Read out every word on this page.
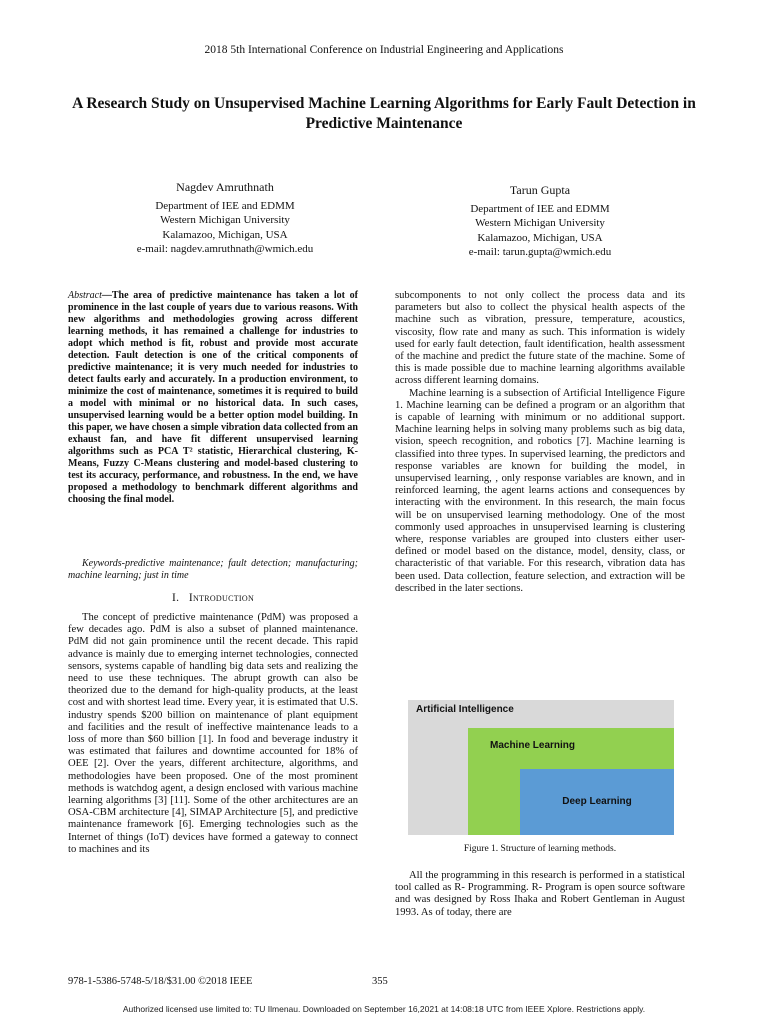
2018 5th International Conference on Industrial Engineering and Applications
A Research Study on Unsupervised Machine Learning Algorithms for Early Fault Detection in Predictive Maintenance
Nagdev Amruthnath
Department of IEE and EDMM
Western Michigan University
Kalamazoo, Michigan, USA
e-mail: nagdev.amruthnath@wmich.edu
Tarun Gupta
Department of IEE and EDMM
Western Michigan University
Kalamazoo, Michigan, USA
e-mail: tarun.gupta@wmich.edu

Abstract—The area of predictive maintenance has taken a lot of prominence in the last couple of years due to various reasons. With new algorithms and methodologies growing across different learning methods, it has remained a challenge for industries to adopt which method is fit, robust and provide most accurate detection. Fault detection is one of the critical components of predictive maintenance; it is very much needed for industries to detect faults early and accurately. In a production environment, to minimize the cost of maintenance, sometimes it is required to build a model with minimal or no historical data. In such cases, unsupervised learning would be a better option model building. In this paper, we have chosen a simple vibration data collected from an exhaust fan, and have fit different unsupervised learning algorithms such as PCA T² statistic, Hierarchical clustering, K-Means, Fuzzy C-Means clustering and model-based clustering to test its accuracy, performance, and robustness. In the end, we have proposed a methodology to benchmark different algorithms and choosing the final model.

Keywords-predictive maintenance; fault detection; manufacturing; machine learning; just in time

I. Introduction

The concept of predictive maintenance (PdM) was proposed a few decades ago. PdM is also a subset of planned maintenance. PdM did not gain prominence until the recent decade. This rapid advance is mainly due to emerging internet technologies, connected sensors, systems capable of handling big data sets and realizing the need to use these techniques. The abrupt growth can also be theorized due to the demand for high-quality products, at the least cost and with shortest lead time. Every year, it is estimated that U.S. industry spends $200 billion on maintenance of plant equipment and facilities and the result of ineffective maintenance leads to a loss of more than $60 billion [1]. In food and beverage industry it was estimated that failures and downtime accounted for 18% of OEE [2]. Over the years, different architecture, algorithms, and methodologies have been proposed. One of the most prominent methods is watchdog agent, a design enclosed with various machine learning algorithms [3] [11]. Some of the other architectures are an OSA-CBM architecture [4], SIMAP Architecture [5], and predictive maintenance framework [6]. Emerging technologies such as the Internet of things (IoT) devices have formed a gateway to connect to machines and its

subcomponents to not only collect the process data and its parameters but also to collect the physical health aspects of the machine such as vibration, pressure, temperature, acoustics, viscosity, flow rate and many as such. This information is widely used for early fault detection, fault identification, health assessment of the machine and predict the future state of the machine. Some of this is made possible due to machine learning algorithms available across different learning domains.

Machine learning is a subsection of Artificial Intelligence Figure 1. Machine learning can be defined a program or an algorithm that is capable of learning with minimum or no additional support. Machine learning helps in solving many problems such as big data, vision, speech recognition, and robotics [7]. Machine learning is classified into three types. In supervised learning, the predictors and response variables are known for building the model, in unsupervised learning, , only response variables are known, and in reinforced learning, the agent learns actions and consequences by interacting with the environment. In this research, the main focus will be on unsupervised learning methodology. One of the most commonly used approaches in unsupervised learning is clustering where, response variables are grouped into clusters either user-defined or model based on the distance, model, density, class, or characteristic of that variable. For this research, vibration data has been used. Data collection, feature selection, and extraction will be described in the later sections.

Artificial Intelligence
Machine Learning
Deep Learning
Figure 1. Structure of learning methods.

All the programming in this research is performed in a statistical tool called as R- Programming. R- Program is open source software and was designed by Ross Ihaka and Robert Gentleman in August 1993. As of today, there are

978-1-5386-5748-5/18/$31.00 ©2018 IEEE	355
Authorized licensed use limited to: TU Ilmenau. Downloaded on September 16,2021 at 14:08:18 UTC from IEEE Xplore. Restrictions apply.
